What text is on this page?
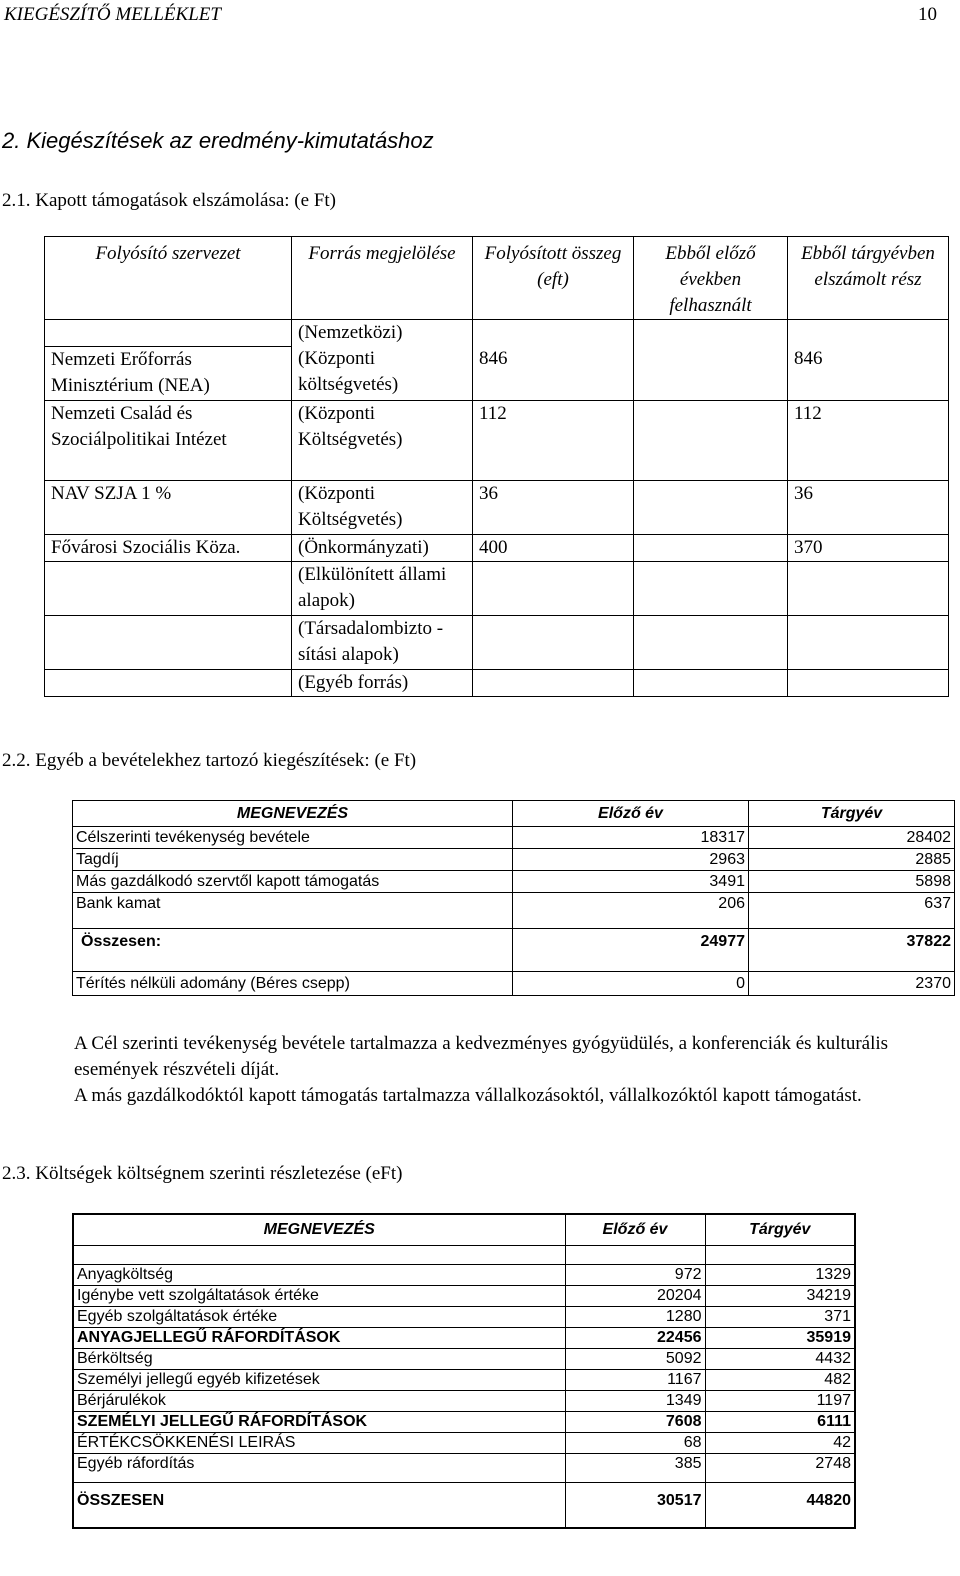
KIEGÉSZÍTŐ MELLÉKLET	10
2. Kiegészítések az eredmény-kimutatáshoz
2.1. Kapott támogatások elszámolása: (e Ft)
Folyósító szervezet	Forrás megjelölése	Folyósított összeg (eft)	Ebből előző években felhasznált	Ebből tárgyévben elszámolt rész
	(Nemzetközi)			
Nemzeti Erőforrás Minisztérium (NEA)	(Központi költségvetés)	846		846
Nemzeti Család és Szociálpolitikai Intézet	(Központi Költségvetés)	112		112
NAV SZJA 1 %	(Központi Költségvetés)	36		36
Fővárosi Szociális Köza.	(Önkormányzati)	400		370
	(Elkülönített állami alapok)			
	(Társadalombizto -sítási alapok)			
	(Egyéb forrás)			
2.2. Egyéb a bevételekhez tartozó kiegészítések: (e Ft)
MEGNEVEZÉS	Előző év	Tárgyév
Célszerinti tevékenység bevétele	18317	28402
Tagdíj	2963	2885
Más gazdálkodó szervtől kapott támogatás	3491	5898
Bank kamat	206	637
Összesen:	24977	37822
Térítés nélküli adomány (Béres csepp)	0	2370

A Cél szerinti tevékenység bevétele tartalmazza a kedvezményes gyógyüdülés, a konferenciák és kulturális események részvételi díját.

A más gazdálkodóktól kapott támogatás tartalmazza vállalkozásoktól, vállalkozóktól kapott támogatást.

2.3. Költségek költségnem szerinti részletezése (eFt)
MEGNEVEZÉS	Előző év	Tárgyév

Anyagköltség	972	1329
Igénybe vett szolgáltatások értéke	20204	34219
Egyéb szolgáltatások értéke	1280	371
ANYAGJELLEGŰ RÁFORDÍTÁSOK	22456	35919
Bérköltség	5092	4432
Személyi jellegű egyéb kifizetések	1167	482
Bérjárulékok	1349	1197
SZEMÉLYI JELLEGŰ RÁFORDÍTÁSOK	7608	6111
ÉRTÉKCSÖKKENÉSI LEIRÁS	68	42
Egyéb ráfordítás	385	2748
ÖSSZESEN	30517	44820
